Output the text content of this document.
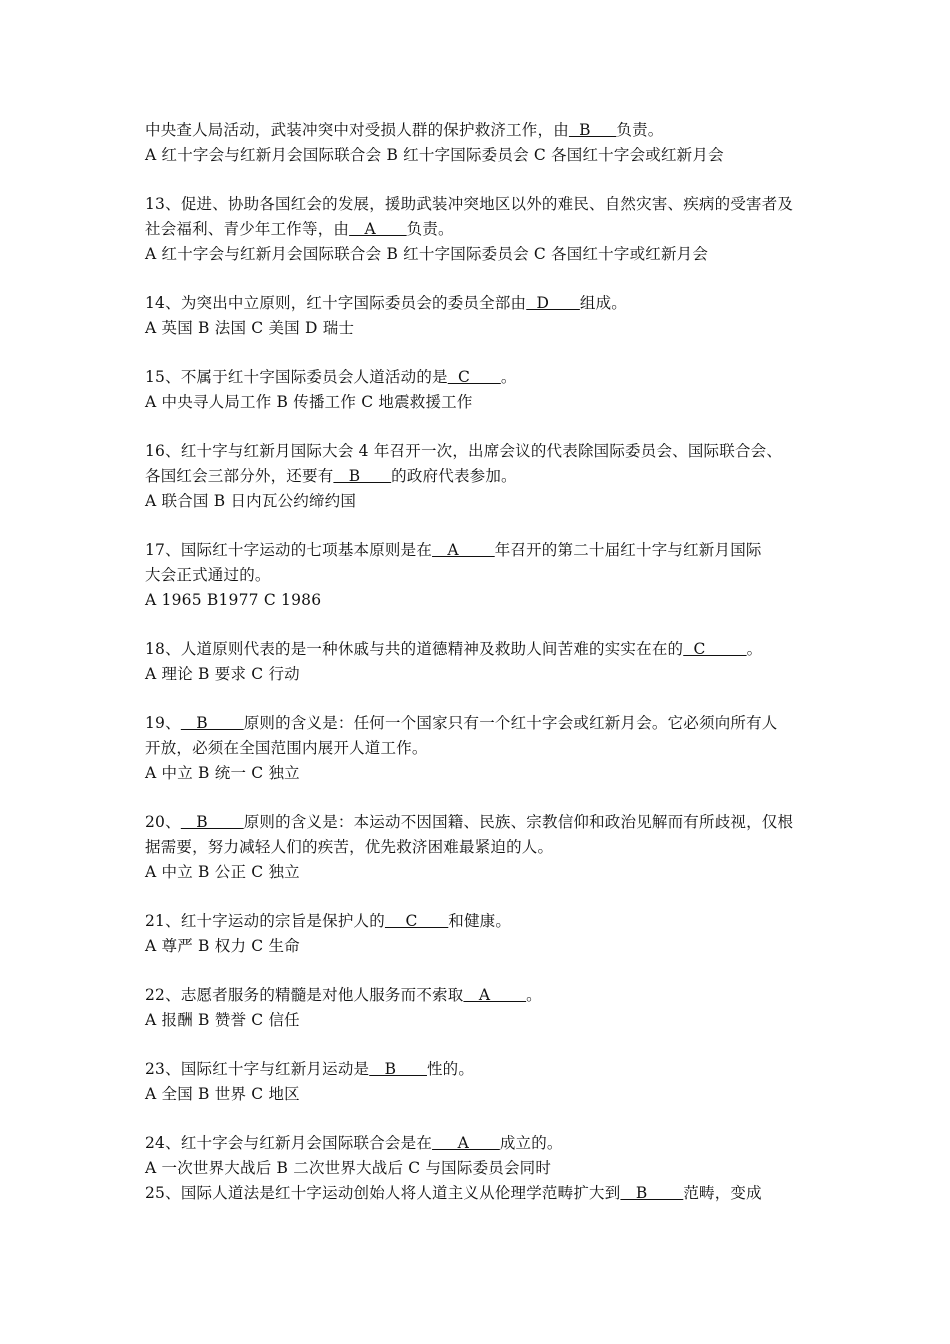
中央查人局活动，武装冲突中对受损人群的保护救济工作，由  B     负责。
A 红十字会与红新月会国际联合会 B 红十字国际委员会 C 各国红十字会或红新月会
13、促进、协助各国红会的发展，援助武装冲突地区以外的难民、自然灾害、疾病的受害者及
社会福利、青少年工作等，由   A      负责。
A 红十字会与红新月会国际联合会 B 红十字国际委员会 C 各国红十字或红新月会
14、为突出中立原则，红十字国际委员会的委员全部由  D      组成。
A 英国 B 法国 C 美国 D 瑞士
15、不属于红十字国际委员会人道活动的是  C      。
A 中央寻人局工作 B 传播工作 C 地震救援工作
16、红十字与红新月国际大会 4 年召开一次，出席会议的代表除国际委员会、国际联合会、
各国红会三部分外，还要有   B      的政府代表参加。
A 联合国 B 日内瓦公约缔约国
17、国际红十字运动的七项基本原则是在   A       年召开的第二十届红十字与红新月国际
大会正式通过的。
A 1965 B1977 C 1986
18、人道原则代表的是一种休戚与共的道德精神及救助人间苦难的实实在在的  C        。
A 理论 B 要求 C 行动
19、   B       原则的含义是：任何一个国家只有一个红十字会或红新月会。它必须向所有人
开放，必须在全国范围内展开人道工作。
A 中立 B 统一 C 独立
20、   B       原则的含义是：本运动不因国籍、民族、宗教信仰和政治见解而有所歧视，仅根
据需要，努力减轻人们的疾苦，优先救济困难最紧迫的人。
A 中立 B 公正 C 独立
21、红十字运动的宗旨是保护人的    C      和健康。
A 尊严 B 权力 C 生命
22、志愿者服务的精髓是对他人服务而不索取   A       。
A 报酬 B 赞誉 C 信任
23、国际红十字与红新月运动是   B      性的。
A 全国 B 世界 C 地区
24、红十字会与红新月会国际联合会是在     A      成立的。
A 一次世界大战后 B 二次世界大战后 C 与国际委员会同时
25、国际人道法是红十字运动创始人将人道主义从伦理学范畴扩大到   B       范畴，变成
